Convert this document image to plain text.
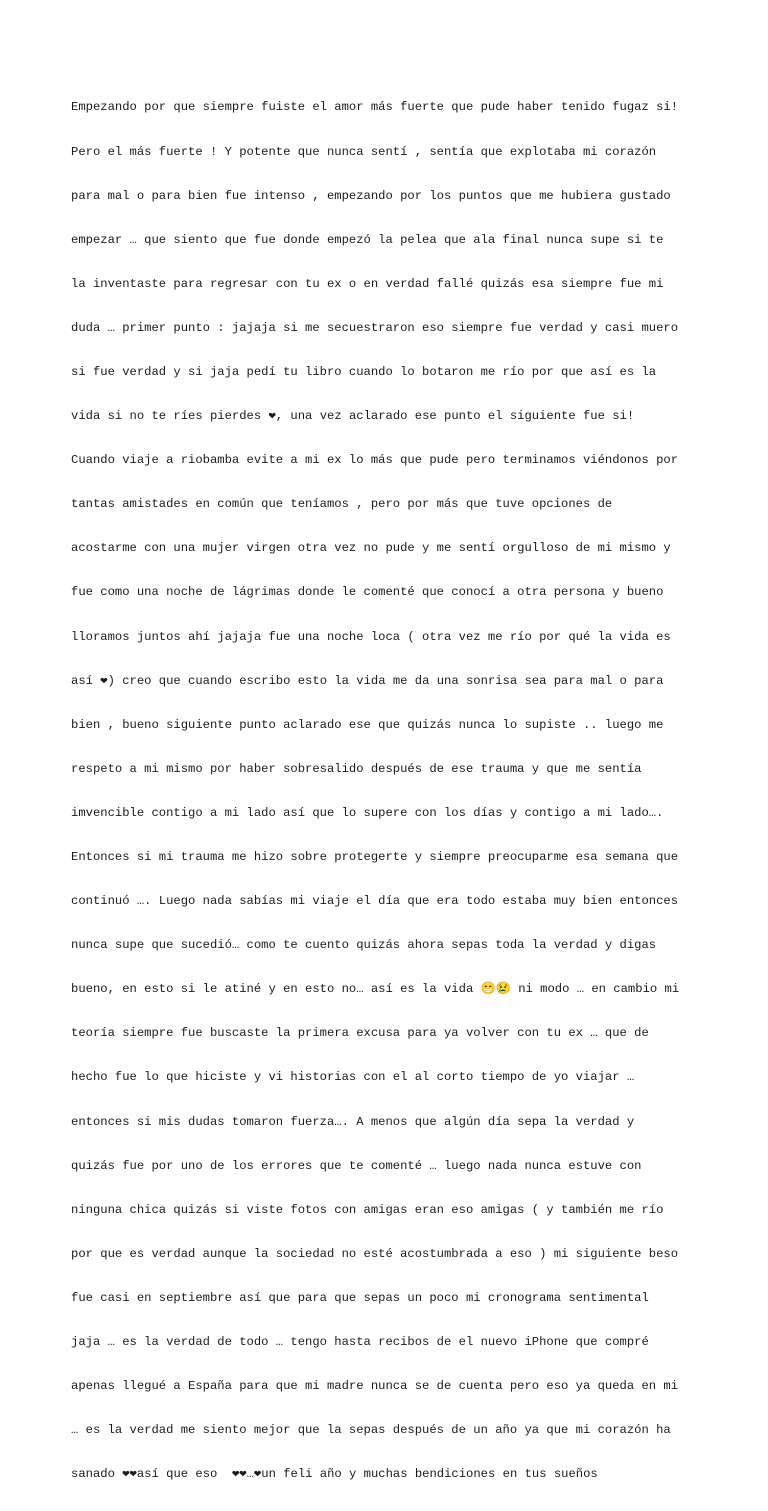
Empezando por que siempre fuiste el amor más fuerte que pude haber tenido fugaz si!

Pero el más fuerte ! Y potente que nunca sentí , sentía que explotaba mi corazón

para mal o para bien fue intenso , empezando por los puntos que me hubiera gustado

empezar … que siento que fue donde empezó la pelea que ala final nunca supe si te

la inventaste para regresar con tu ex o en verdad fallé quizás esa siempre fue mi

duda … primer punto : jajaja si me secuestraron eso siempre fue verdad y casi muero

si fue verdad y si jaja pedí tu libro cuando lo botaron me río por que así es la

vida si no te ríes pierdes ❤, una vez aclarado ese punto el siguiente fue si!

Cuando viaje a riobamba evite a mi ex lo más que pude pero terminamos viéndonos por

tantas amistades en común que teníamos , pero por más que tuve opciones de

acostarme con una mujer virgen otra vez no pude y me sentí orgulloso de mi mismo y

fue como una noche de lágrimas donde le comenté que conocí a otra persona y bueno

lloramos juntos ahí jajaja fue una noche loca ( otra vez me río por qué la vida es

así ❤) creo que cuando escribo esto la vida me da una sonrisa sea para mal o para

bien , bueno siguiente punto aclarado ese que quizás nunca lo supiste .. luego me

respeto a mi mismo por haber sobresalido después de ese trauma y que me sentía

imvencible contigo a mi lado así que lo supere con los días y contigo a mi lado….

Entonces si mi trauma me hizo sobre protegerte y siempre preocuparme esa semana que

continuó …. Luego nada sabías mi viaje el día que era todo estaba muy bien entonces

nunca supe que sucedió… como te cuento quizás ahora sepas toda la verdad y digas

bueno, en esto si le atiné y en esto no… así es la vida 😁😢 ni modo … en cambio mi

teoría siempre fue buscaste la primera excusa para ya volver con tu ex … que de

hecho fue lo que hiciste y vi historias con el al corto tiempo de yo viajar …

entonces si mis dudas tomaron fuerza…. A menos que algún día sepa la verdad y

quizás fue por uno de los errores que te comenté … luego nada nunca estuve con

ninguna chica quizás si viste fotos con amigas eran eso amigas ( y también me río

por que es verdad aunque la sociedad no esté acostumbrada a eso ) mi siguiente beso

fue casi en septiembre así que para que sepas un poco mi cronograma sentimental

jaja … es la verdad de todo … tengo hasta recibos de el nuevo iPhone que compré

apenas llegué a España para que mi madre nunca se de cuenta pero eso ya queda en mi

… es la verdad me siento mejor que la sepas después de un año ya que mi corazón ha

sanado ❤❤así que eso  ❤❤…❤un feli año y muchas bendiciones en tus sueños
